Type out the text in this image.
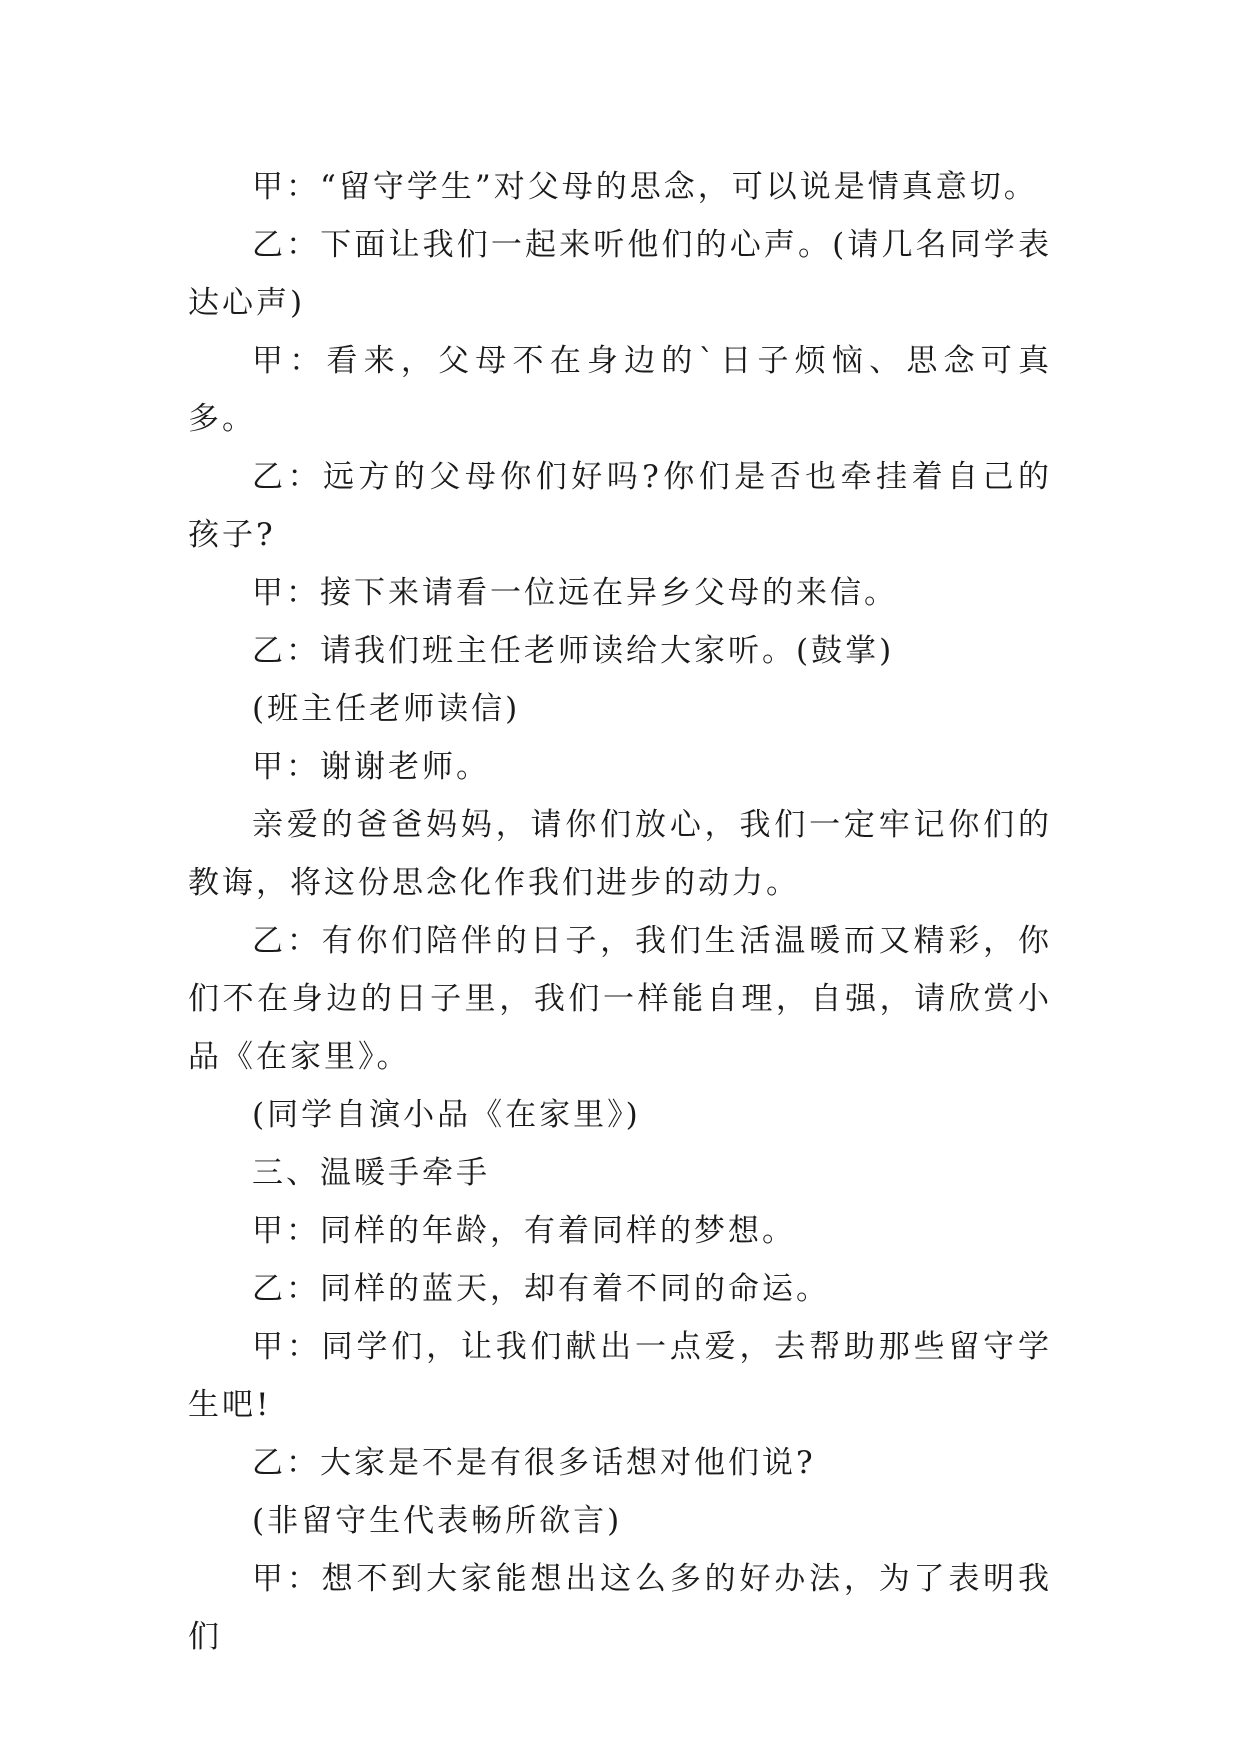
甲：“留守学生”对父母的思念，可以说是情真意切。

乙：下面让我们一起来听他们的心声。(请几名同学表达心声)

甲：看来，父母不在身边的`日子烦恼、思念可真多。

乙：远方的父母你们好吗?你们是否也牵挂着自己的孩子?

甲：接下来请看一位远在异乡父母的来信。

乙：请我们班主任老师读给大家听。(鼓掌)

(班主任老师读信)

甲：谢谢老师。

亲爱的爸爸妈妈，请你们放心，我们一定牢记你们的教诲，将这份思念化作我们进步的动力。

乙：有你们陪伴的日子，我们生活温暖而又精彩，你们不在身边的日子里，我们一样能自理，自强，请欣赏小品《在家里》。

(同学自演小品《在家里》)

三、温暖手牵手

甲：同样的年龄，有着同样的梦想。

乙：同样的蓝天，却有着不同的命运。

甲：同学们，让我们献出一点爱，去帮助那些留守学生吧!

乙：大家是不是有很多话想对他们说?

(非留守生代表畅所欲言)

甲：想不到大家能想出这么多的好办法，为了表明我们
